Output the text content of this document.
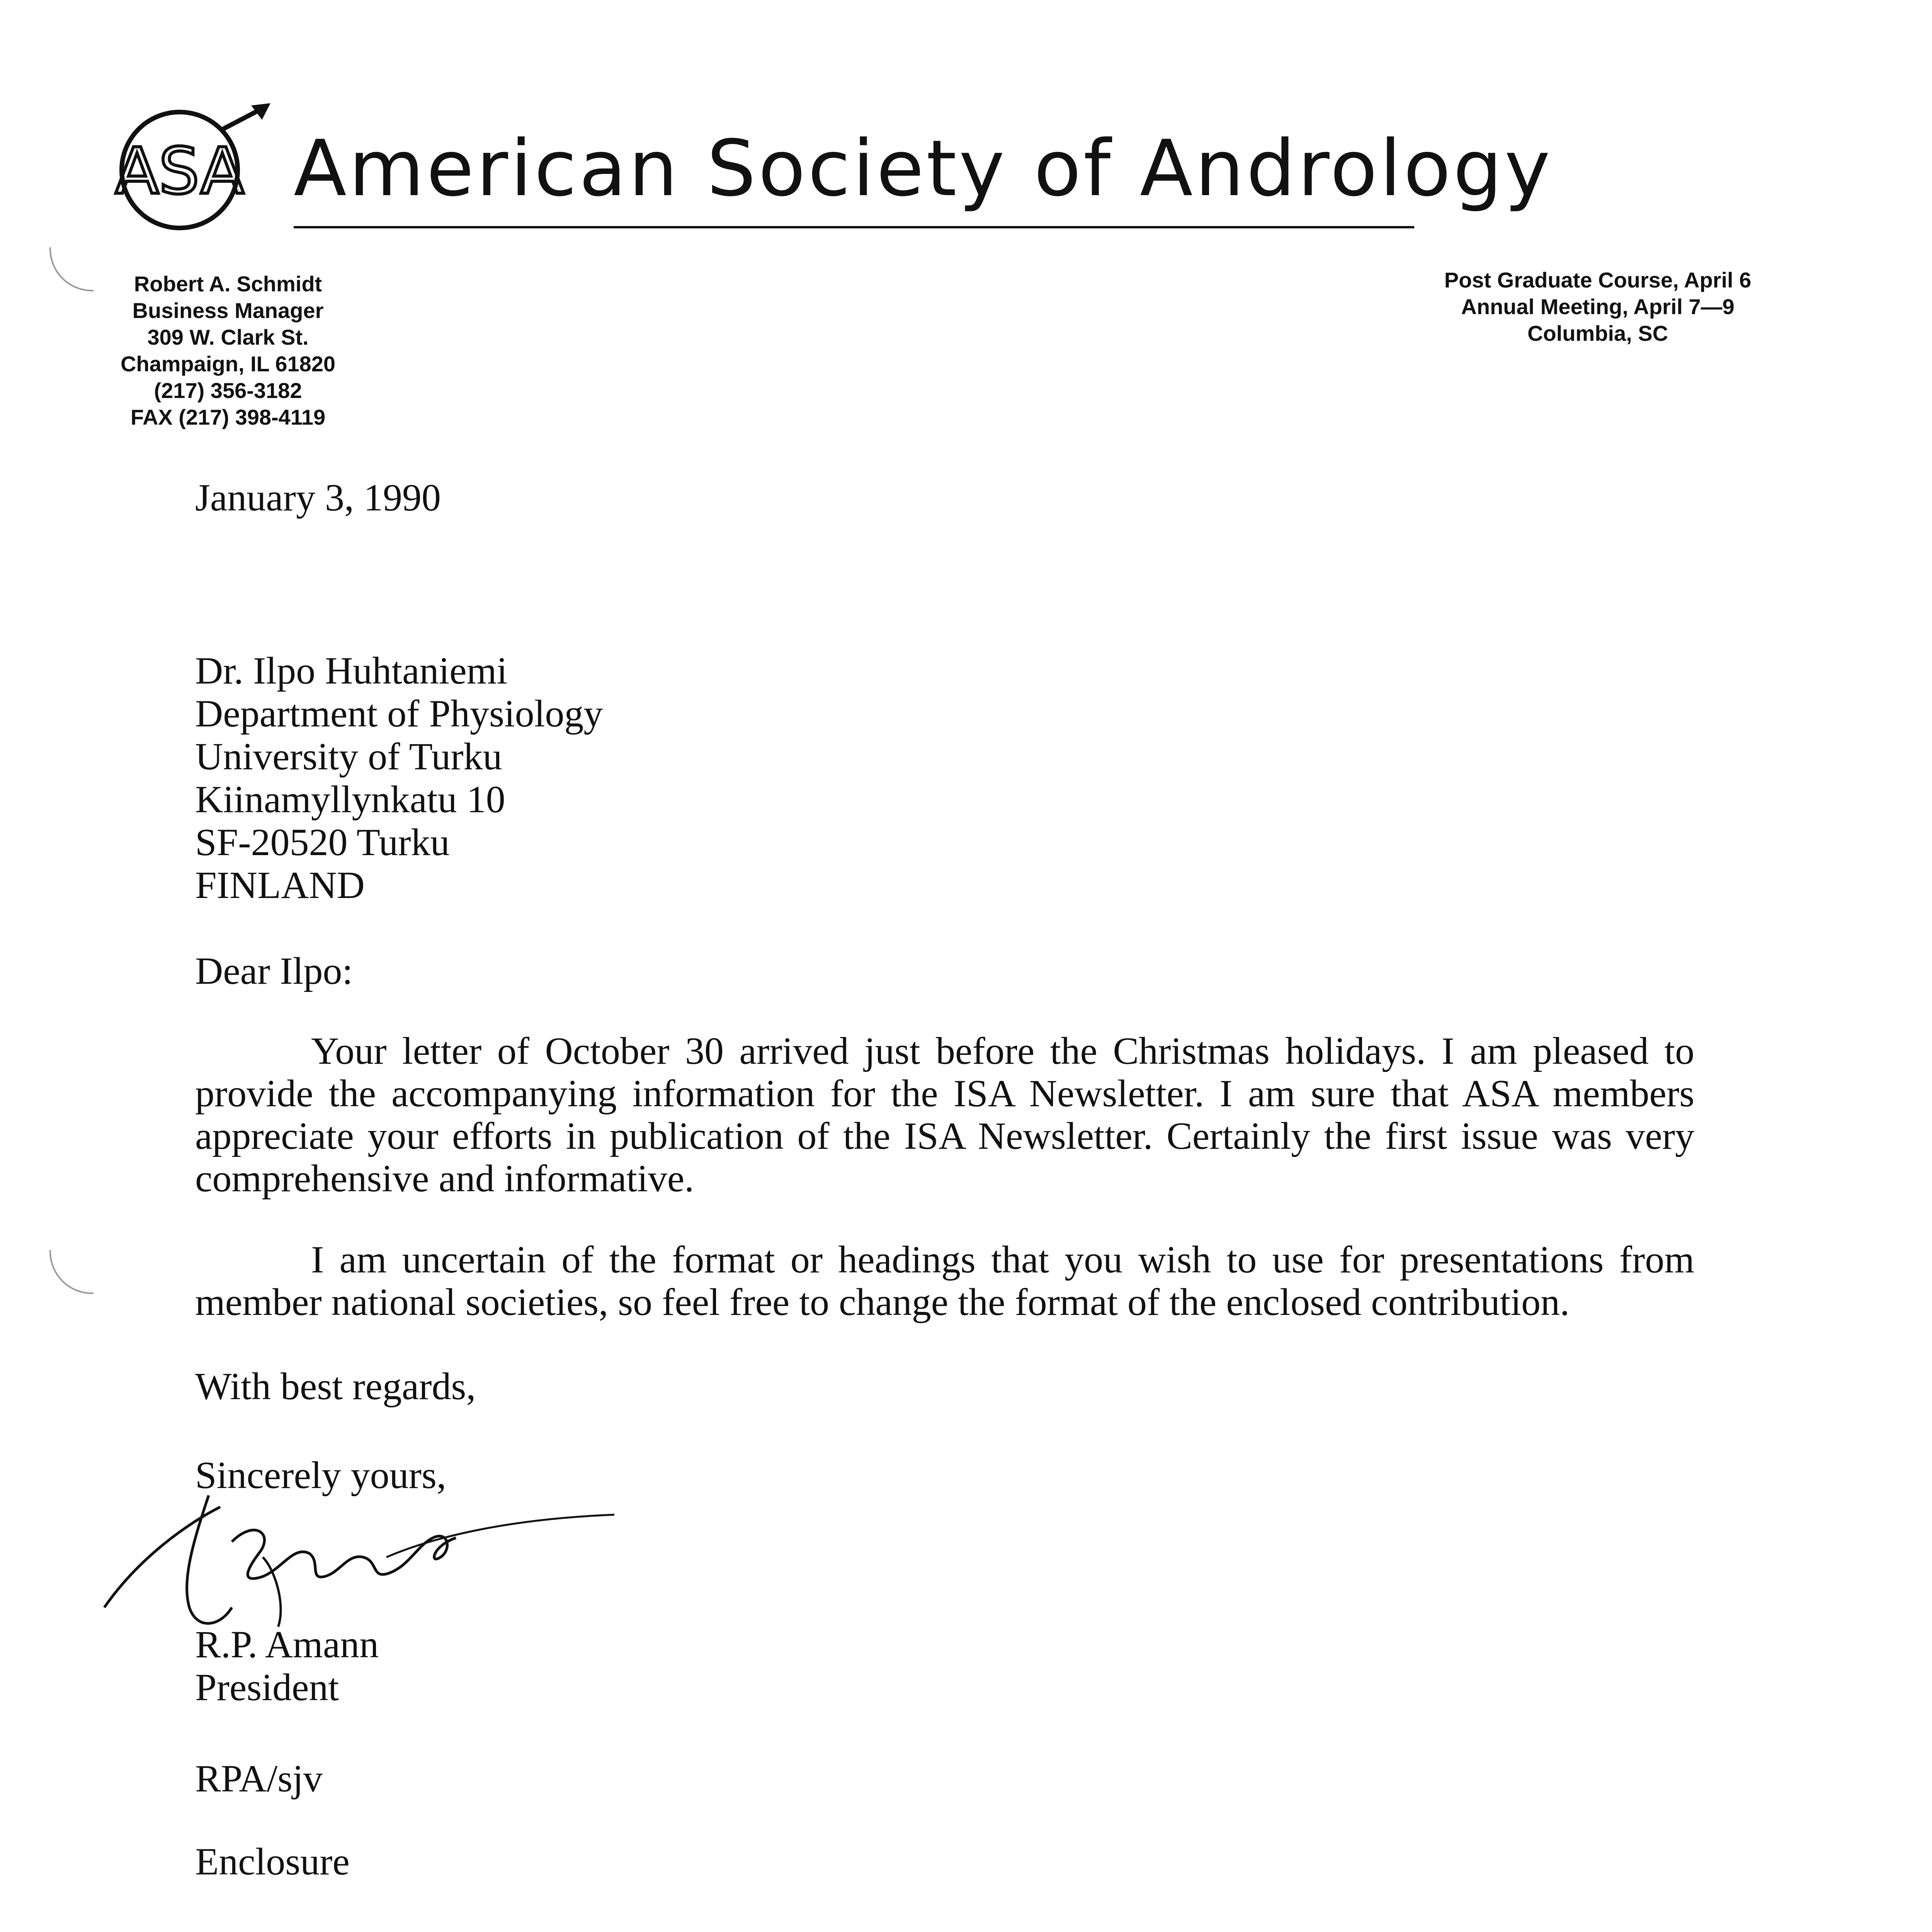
ASA American Society of Andrology
Robert A. Schmidt
Business Manager
309 W. Clark St.
Champaign, IL 61820
(217) 356-3182
FAX (217) 398-4119
Post Graduate Course, April 6
Annual Meeting, April 7—9
Columbia, SC
January 3, 1990
Dr. Ilpo Huhtaniemi
Department of Physiology
University of Turku
Kiinamyllynkatu 10
SF-20520 Turku
FINLAND
Dear Ilpo:
Your letter of October 30 arrived just before the Christmas holidays. I am pleased to provide the accompanying information for the ISA Newsletter. I am sure that ASA members appreciate your efforts in publication of the ISA Newsletter. Certainly the first issue was very comprehensive and informative.
I am uncertain of the format or headings that you wish to use for presentations from member national societies, so feel free to change the format of the enclosed contribution.
With best regards,
Sincerely yours,
R.P. Amann
President
RPA/sjv
Enclosure
